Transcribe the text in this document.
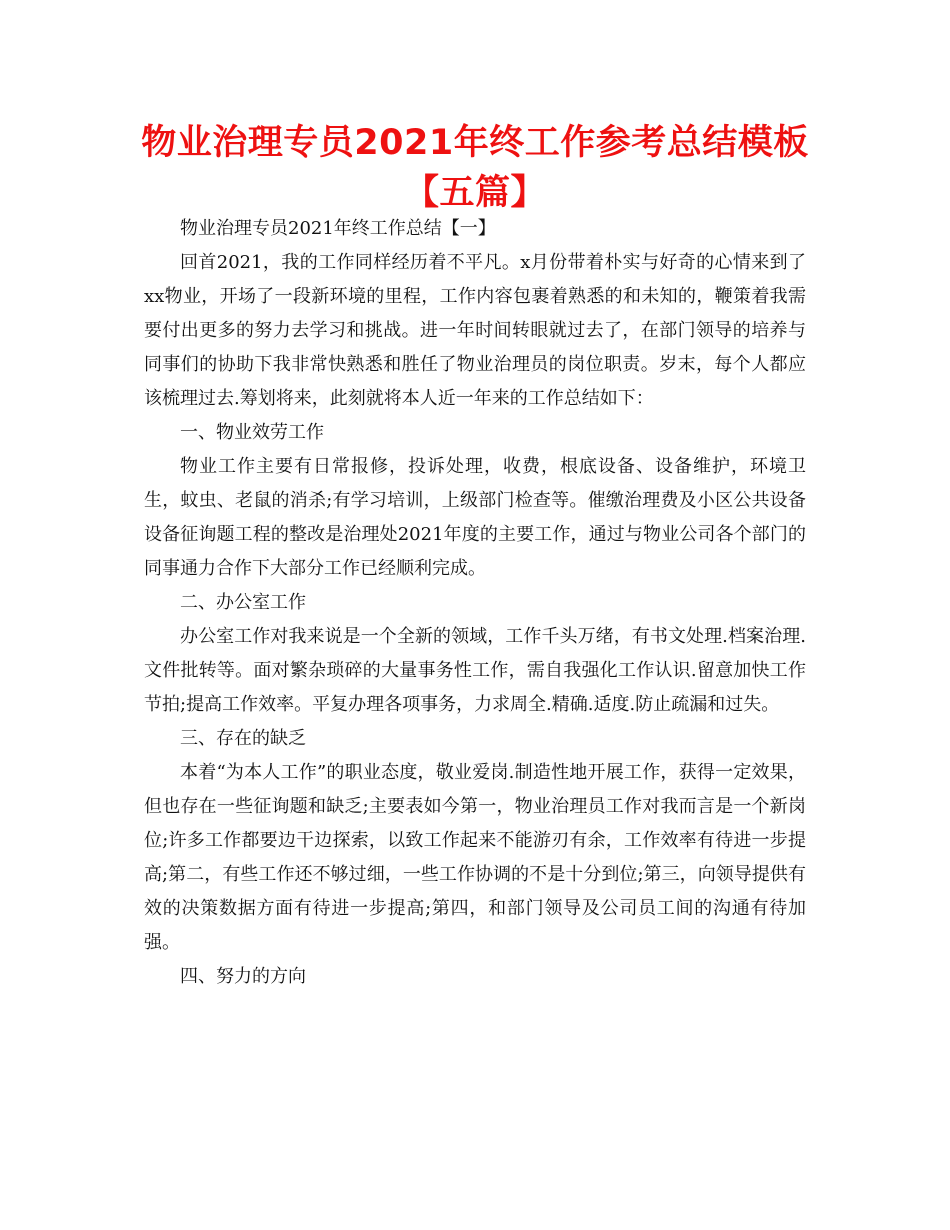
物业治理专员2021年终工作参考总结模板【五篇】

物业治理专员2021年终工作总结【一】

回首2021，我的工作同样经历着不平凡。x月份带着朴实与好奇的心情来到了xx物业，开场了一段新环境的里程，工作内容包裹着熟悉的和未知的，鞭策着我需要付出更多的努力去学习和挑战。进一年时间转眼就过去了，在部门领导的培养与同事们的协助下我非常快熟悉和胜任了物业治理员的岗位职责。岁末，每个人都应该梳理过去.筹划将来，此刻就将本人近一年来的工作总结如下：

一、物业效劳工作

物业工作主要有日常报修，投诉处理，收费，根底设备、设备维护，环境卫生，蚊虫、老鼠的消杀;有学习培训，上级部门检查等。催缴治理费及小区公共设备设备征询题工程的整改是治理处2021年度的主要工作，通过与物业公司各个部门的同事通力合作下大部分工作已经顺利完成。

二、办公室工作

办公室工作对我来说是一个全新的领域，工作千头万绪，有书文处理.档案治理.文件批转等。面对繁杂琐碎的大量事务性工作，需自我强化工作认识.留意加快工作节拍;提高工作效率。平复办理各项事务，力求周全.精确.适度.防止疏漏和过失。

三、存在的缺乏

本着“为本人工作”的职业态度，敬业爱岗.制造性地开展工作，获得一定效果，但也存在一些征询题和缺乏;主要表如今第一，物业治理员工作对我而言是一个新岗位;许多工作都要边干边探索，以致工作起来不能游刃有余，工作效率有待进一步提高;第二，有些工作还不够过细，一些工作协调的不是十分到位;第三，向领导提供有效的决策数据方面有待进一步提高;第四，和部门领导及公司员工间的沟通有待加强。

四、努力的方向
